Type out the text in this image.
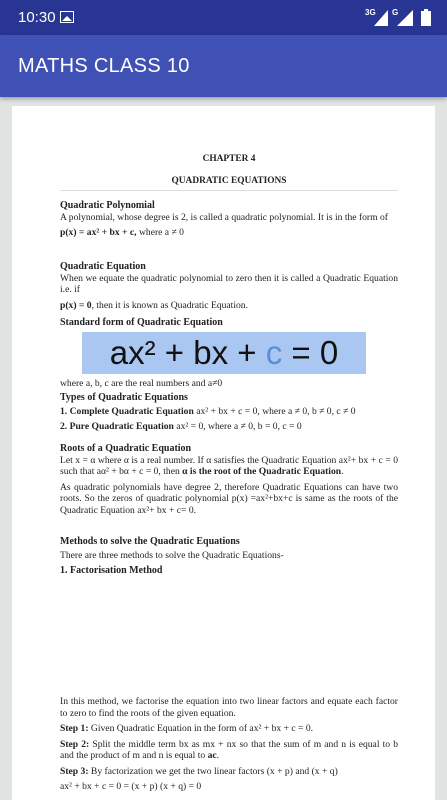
10:30	3G G
MATHS CLASS 10
CHAPTER 4
QUADRATIC EQUATIONS

Quadratic Polynomial

A polynomial, whose degree is 2, is called a quadratic polynomial. It is in the form of

p(x) = ax² + bx + c, where a ≠ 0

Quadratic Equation

When we equate the quadratic polynomial to zero then it is called a Quadratic Equation i.e. if

p(x) = 0, then it is known as Quadratic Equation.

Standard form of Quadratic Equation

ax² + bx + c = 0

where a, b, c are the real numbers and a≠0

Types of Quadratic Equations

1. Complete Quadratic Equation ax² + bx + c = 0, where a ≠ 0, b ≠ 0, c ≠ 0

2. Pure Quadratic Equation ax² = 0, where a ≠ 0, b = 0, c = 0

Roots of a Quadratic Equation

Let x = α where α is a real number. If α satisfies the Quadratic Equation ax²+ bx + c = 0 such that aα² + bα + c = 0, then α is the root of the Quadratic Equation.

As quadratic polynomials have degree 2, therefore Quadratic Equations can have two roots. So the zeros of quadratic polynomial p(x) =ax²+bx+c is same as the roots of the Quadratic Equation ax²+ bx + c= 0.

Methods to solve the Quadratic Equations

There are three methods to solve the Quadratic Equations-

1. Factorisation Method

In this method, we factorise the equation into two linear factors and equate each factor to zero to find the roots of the given equation.

Step 1: Given Quadratic Equation in the form of ax² + bx + c = 0.

Step 2: Split the middle term bx as mx + nx so that the sum of m and n is equal to b and the product of m and n is equal to ac.

Step 3: By factorization we get the two linear factors (x + p) and (x + q)

ax² + bx + c = 0 = (x + p) (x + q) = 0
